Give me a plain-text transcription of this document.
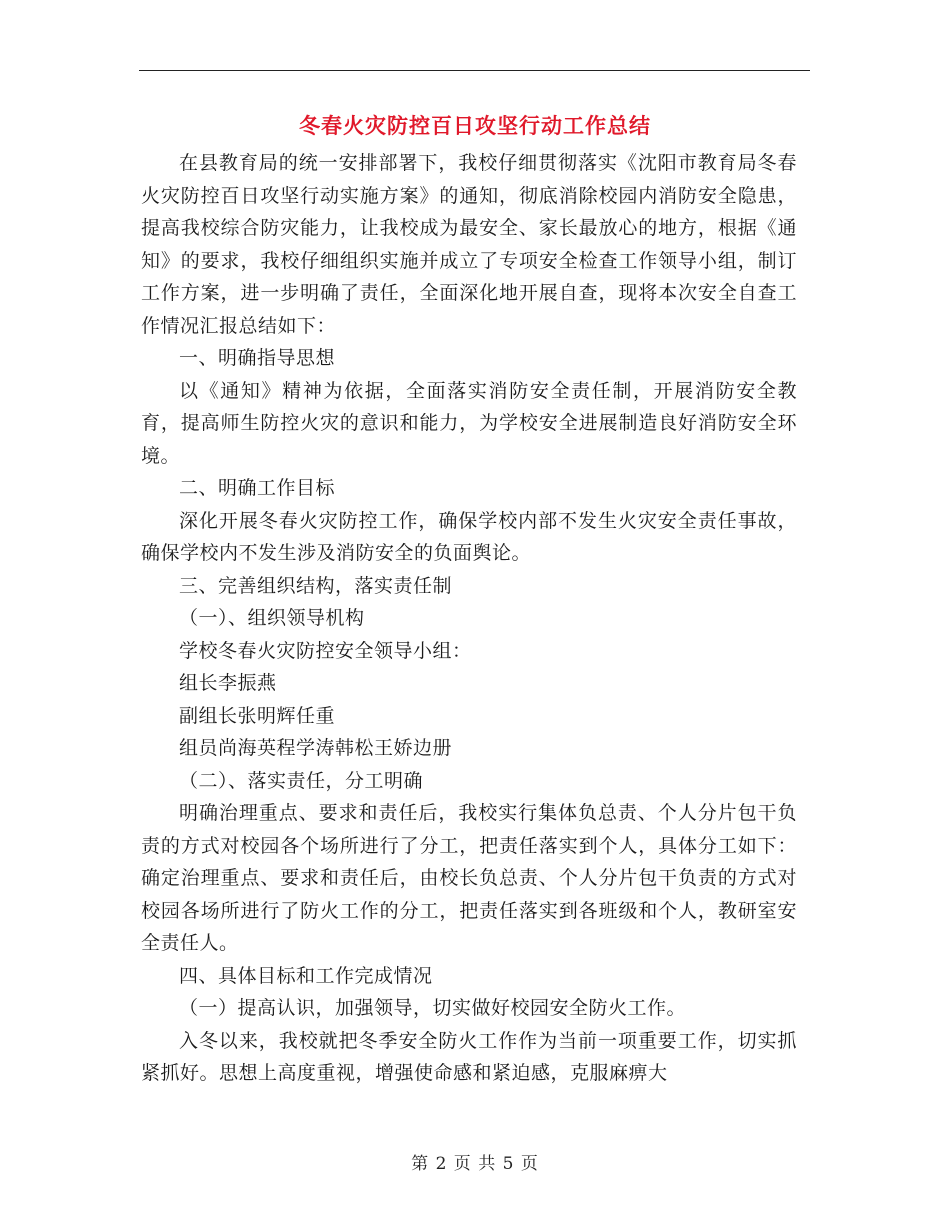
冬春火灾防控百日攻坚行动工作总结

在县教育局的统一安排部署下，我校仔细贯彻落实《沈阳市教育局冬春火灾防控百日攻坚行动实施方案》的通知，彻底消除校园内消防安全隐患，提高我校综合防灾能力，让我校成为最安全、家长最放心的地方，根据《通知》的要求，我校仔细组织实施并成立了专项安全检查工作领导小组，制订工作方案，进一步明确了责任，全面深化地开展自查，现将本次安全自查工作情况汇报总结如下：

一、明确指导思想

以《通知》精神为依据，全面落实消防安全责任制，开展消防安全教育，提高师生防控火灾的意识和能力，为学校安全进展制造良好消防安全环境。

二、明确工作目标

深化开展冬春火灾防控工作，确保学校内部不发生火灾安全责任事故，确保学校内不发生涉及消防安全的负面舆论。

三、完善组织结构，落实责任制

（一）、组织领导机构

学校冬春火灾防控安全领导小组：

组长李振燕

副组长张明辉任重

组员尚海英程学涛韩松王娇边册

（二）、落实责任，分工明确

明确治理重点、要求和责任后，我校实行集体负总责、个人分片包干负责的方式对校园各个场所进行了分工，把责任落实到个人，具体分工如下：确定治理重点、要求和责任后，由校长负总责、个人分片包干负责的方式对校园各场所进行了防火工作的分工，把责任落实到各班级和个人，教研室安全责任人。

四、具体目标和工作完成情况

（一）提高认识，加强领导，切实做好校园安全防火工作。

入冬以来，我校就把冬季安全防火工作作为当前一项重要工作，切实抓紧抓好。思想上高度重视，增强使命感和紧迫感，克服麻痹大

第 2 页 共 5 页
